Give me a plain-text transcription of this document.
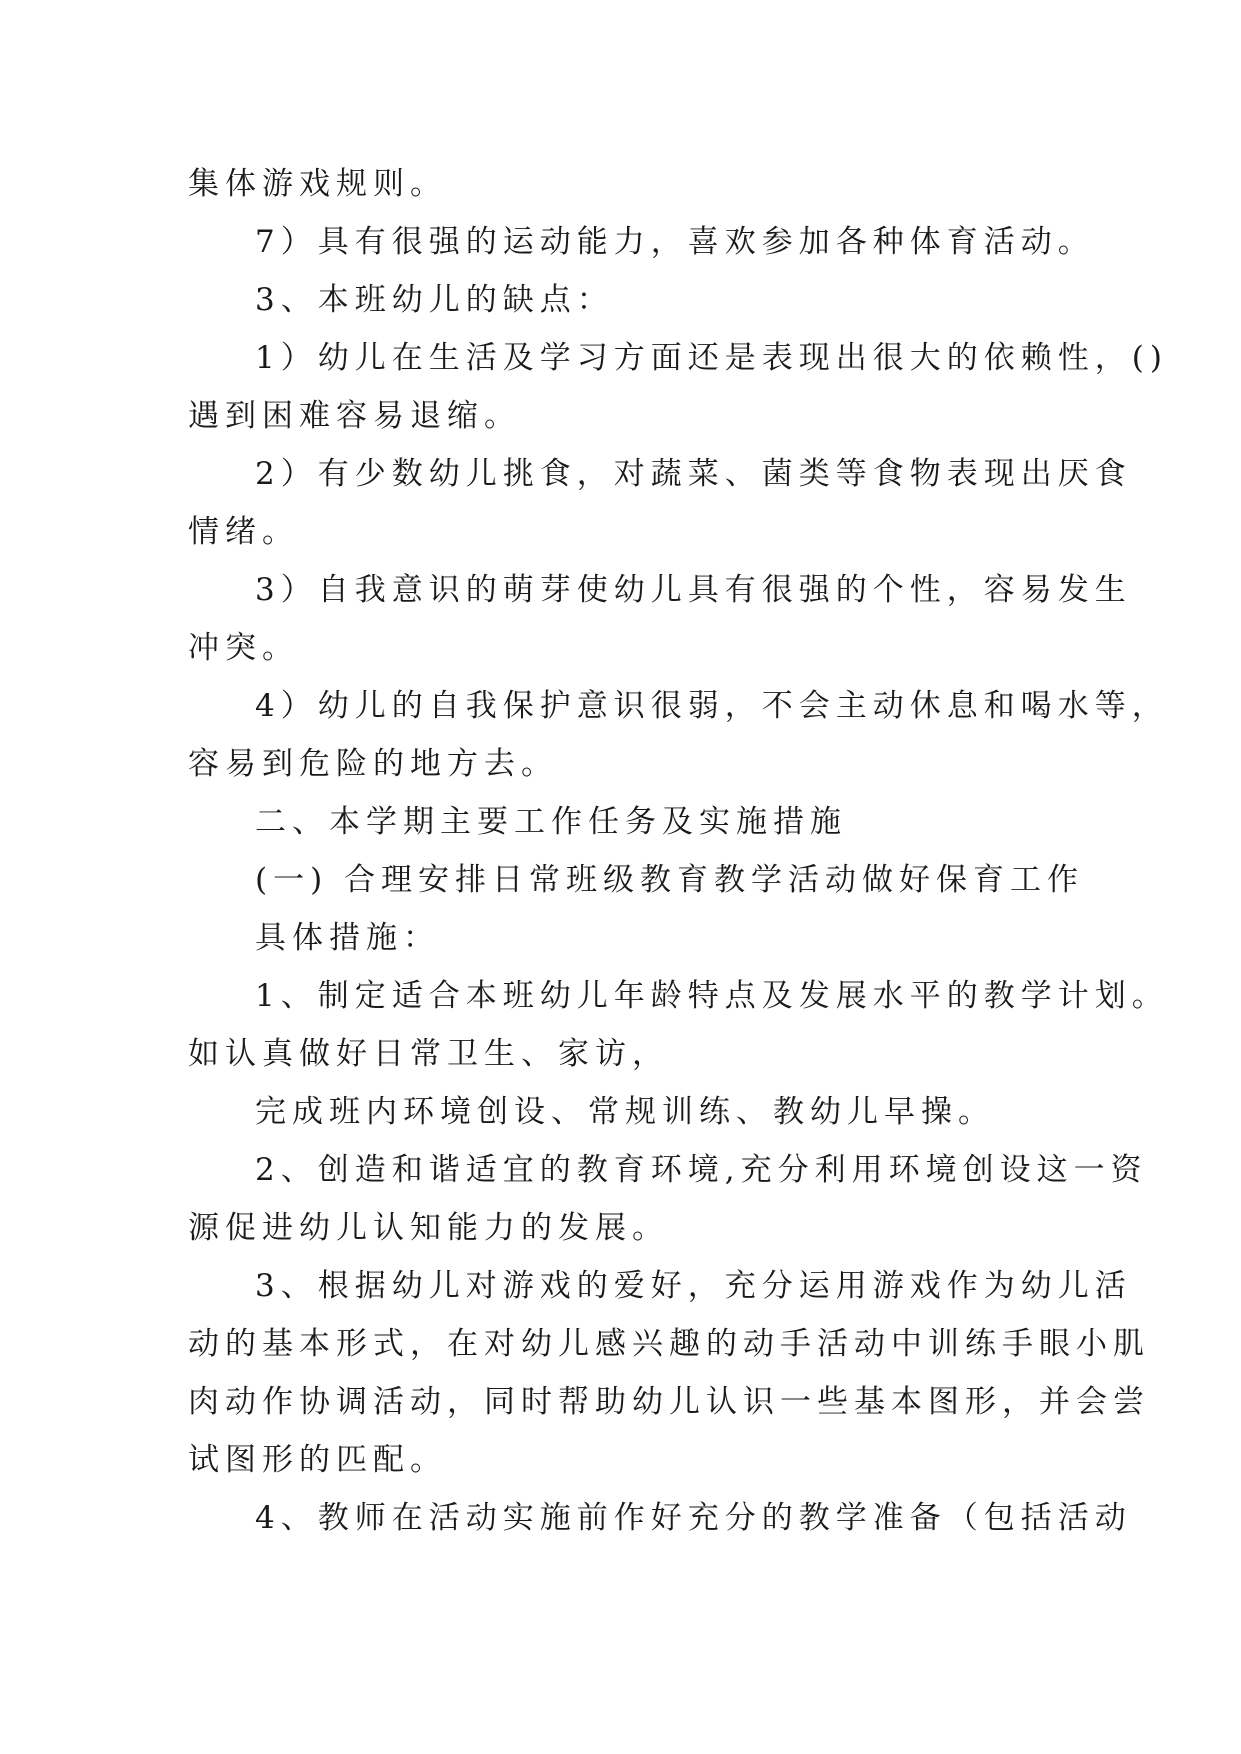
集体游戏规则。
7）具有很强的运动能力，喜欢参加各种体育活动。
3、本班幼儿的缺点：
1）幼儿在生活及学习方面还是表现出很大的依赖性，()
遇到困难容易退缩。
2）有少数幼儿挑食，对蔬菜、菌类等食物表现出厌食
情绪。
3）自我意识的萌芽使幼儿具有很强的个性，容易发生
冲突。
4）幼儿的自我保护意识很弱，不会主动休息和喝水等，
容易到危险的地方去。
二、本学期主要工作任务及实施措施
(一) 合理安排日常班级教育教学活动做好保育工作
具体措施：
1、制定适合本班幼儿年龄特点及发展水平的教学计划。
如认真做好日常卫生、家访，
完成班内环境创设、常规训练、教幼儿早操。
2、创造和谐适宜的教育环境,充分利用环境创设这一资
源促进幼儿认知能力的发展。
3、根据幼儿对游戏的爱好，充分运用游戏作为幼儿活
动的基本形式，在对幼儿感兴趣的动手活动中训练手眼小肌
肉动作协调活动，同时帮助幼儿认识一些基本图形，并会尝
试图形的匹配。
4、教师在活动实施前作好充分的教学准备（包括活动
